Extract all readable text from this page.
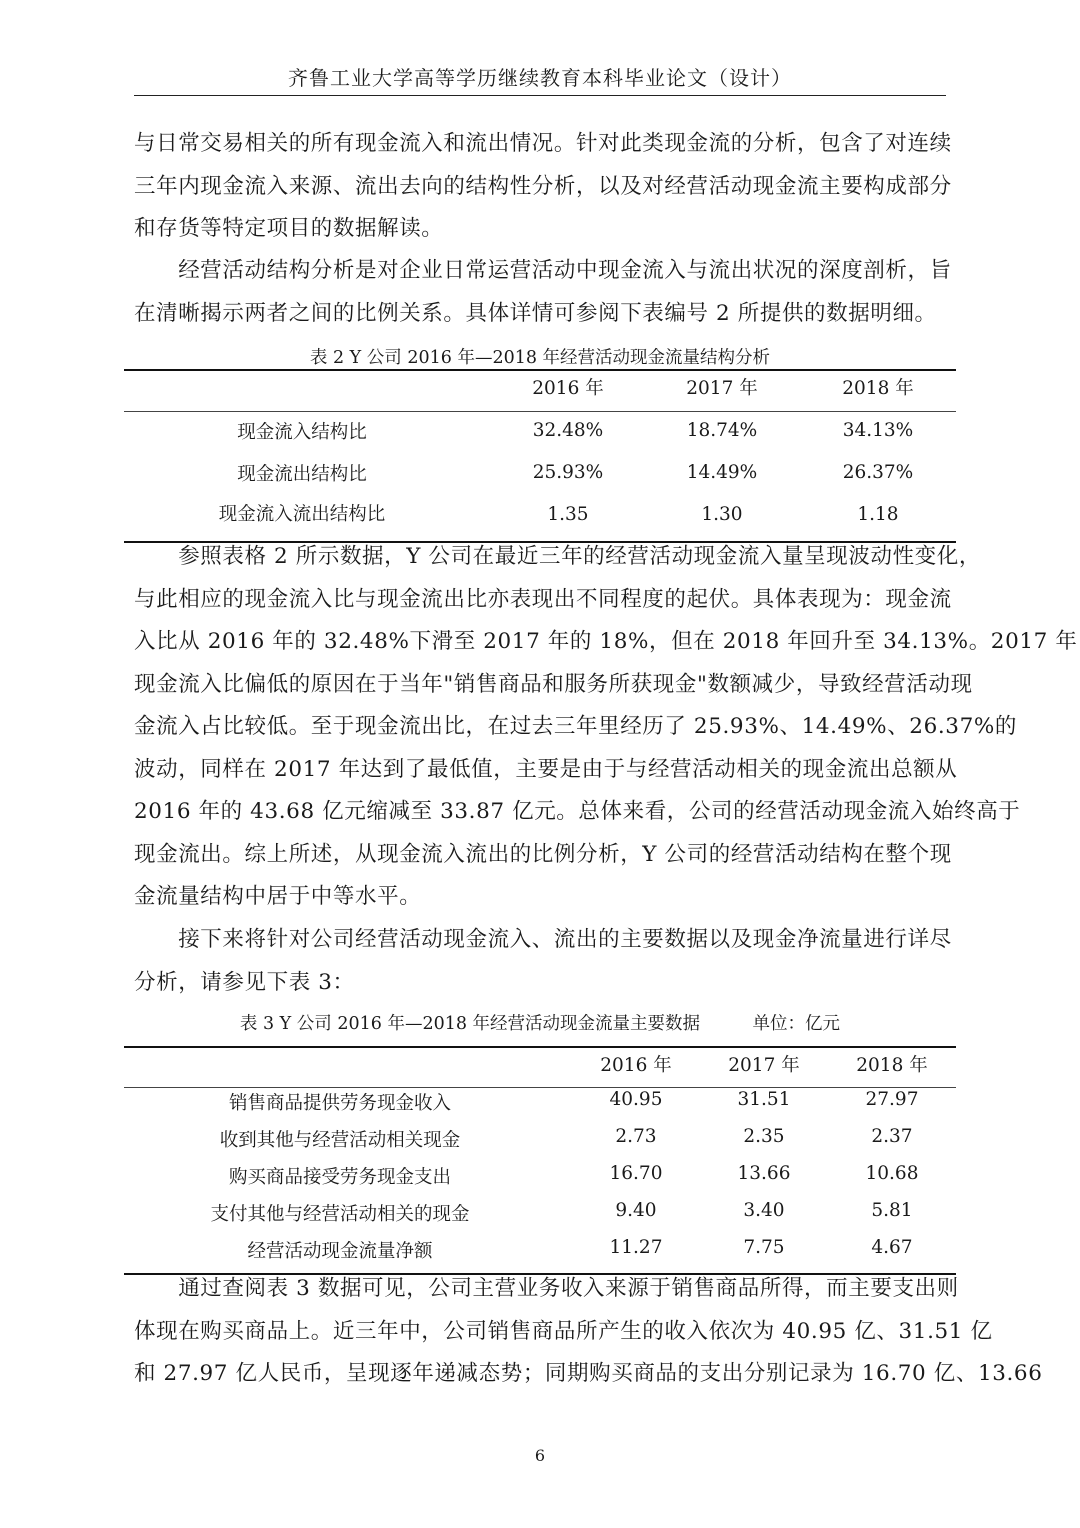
齐鲁工业大学高等学历继续教育本科毕业论文（设计）
与日常交易相关的所有现金流入和流出情况。针对此类现金流的分析，包含了对连续
三年内现金流入来源、流出去向的结构性分析，以及对经营活动现金流主要构成部分
和存货等特定项目的数据解读。
　　经营活动结构分析是对企业日常运营活动中现金流入与流出状况的深度剖析，旨
在清晰揭示两者之间的比例关系。具体详情可参阅下表编号 2 所提供的数据明细。
表 2 Y 公司 2016 年—2018 年经营活动现金流量结构分析
2016 年	2017 年	2018 年
现金流入结构比	32.48%	18.74%	34.13%
现金流出结构比	25.93%	14.49%	26.37%
现金流入流出结构比	1.35	1.30	1.18
　　参照表格 2 所示数据，Y 公司在最近三年的经营活动现金流入量呈现波动性变化，
与此相应的现金流入比与现金流出比亦表现出不同程度的起伏。具体表现为：现金流
入比从 2016 年的 32.48%下滑至 2017 年的 18%，但在 2018 年回升至 34.13%。2017 年
现金流入比偏低的原因在于当年"销售商品和服务所获现金"数额减少，导致经营活动现
金流入占比较低。至于现金流出比，在过去三年里经历了 25.93%、14.49%、26.37%的
波动，同样在 2017 年达到了最低值，主要是由于与经营活动相关的现金流出总额从
2016 年的 43.68 亿元缩减至 33.87 亿元。总体来看，公司的经营活动现金流入始终高于
现金流出。综上所述，从现金流入流出的比例分析，Y 公司的经营活动结构在整个现
金流量结构中居于中等水平。
　　接下来将针对公司经营活动现金流入、流出的主要数据以及现金净流量进行详尽
分析，请参见下表 3：
表 3 Y 公司 2016 年—2018 年经营活动现金流量主要数据　　　单位：亿元
2016 年	2017 年	2018 年
销售商品提供劳务现金收入	40.95	31.51	27.97
收到其他与经营活动相关现金	2.73	2.35	2.37
购买商品接受劳务现金支出	16.70	13.66	10.68
支付其他与经营活动相关的现金	9.40	3.40	5.81
经营活动现金流量净额	11.27	7.75	4.67
　　通过查阅表 3 数据可见，公司主营业务收入来源于销售商品所得，而主要支出则
体现在购买商品上。近三年中，公司销售商品所产生的收入依次为 40.95 亿、31.51 亿
和 27.97 亿人民币，呈现逐年递减态势；同期购买商品的支出分别记录为 16.70 亿、13.66
6
